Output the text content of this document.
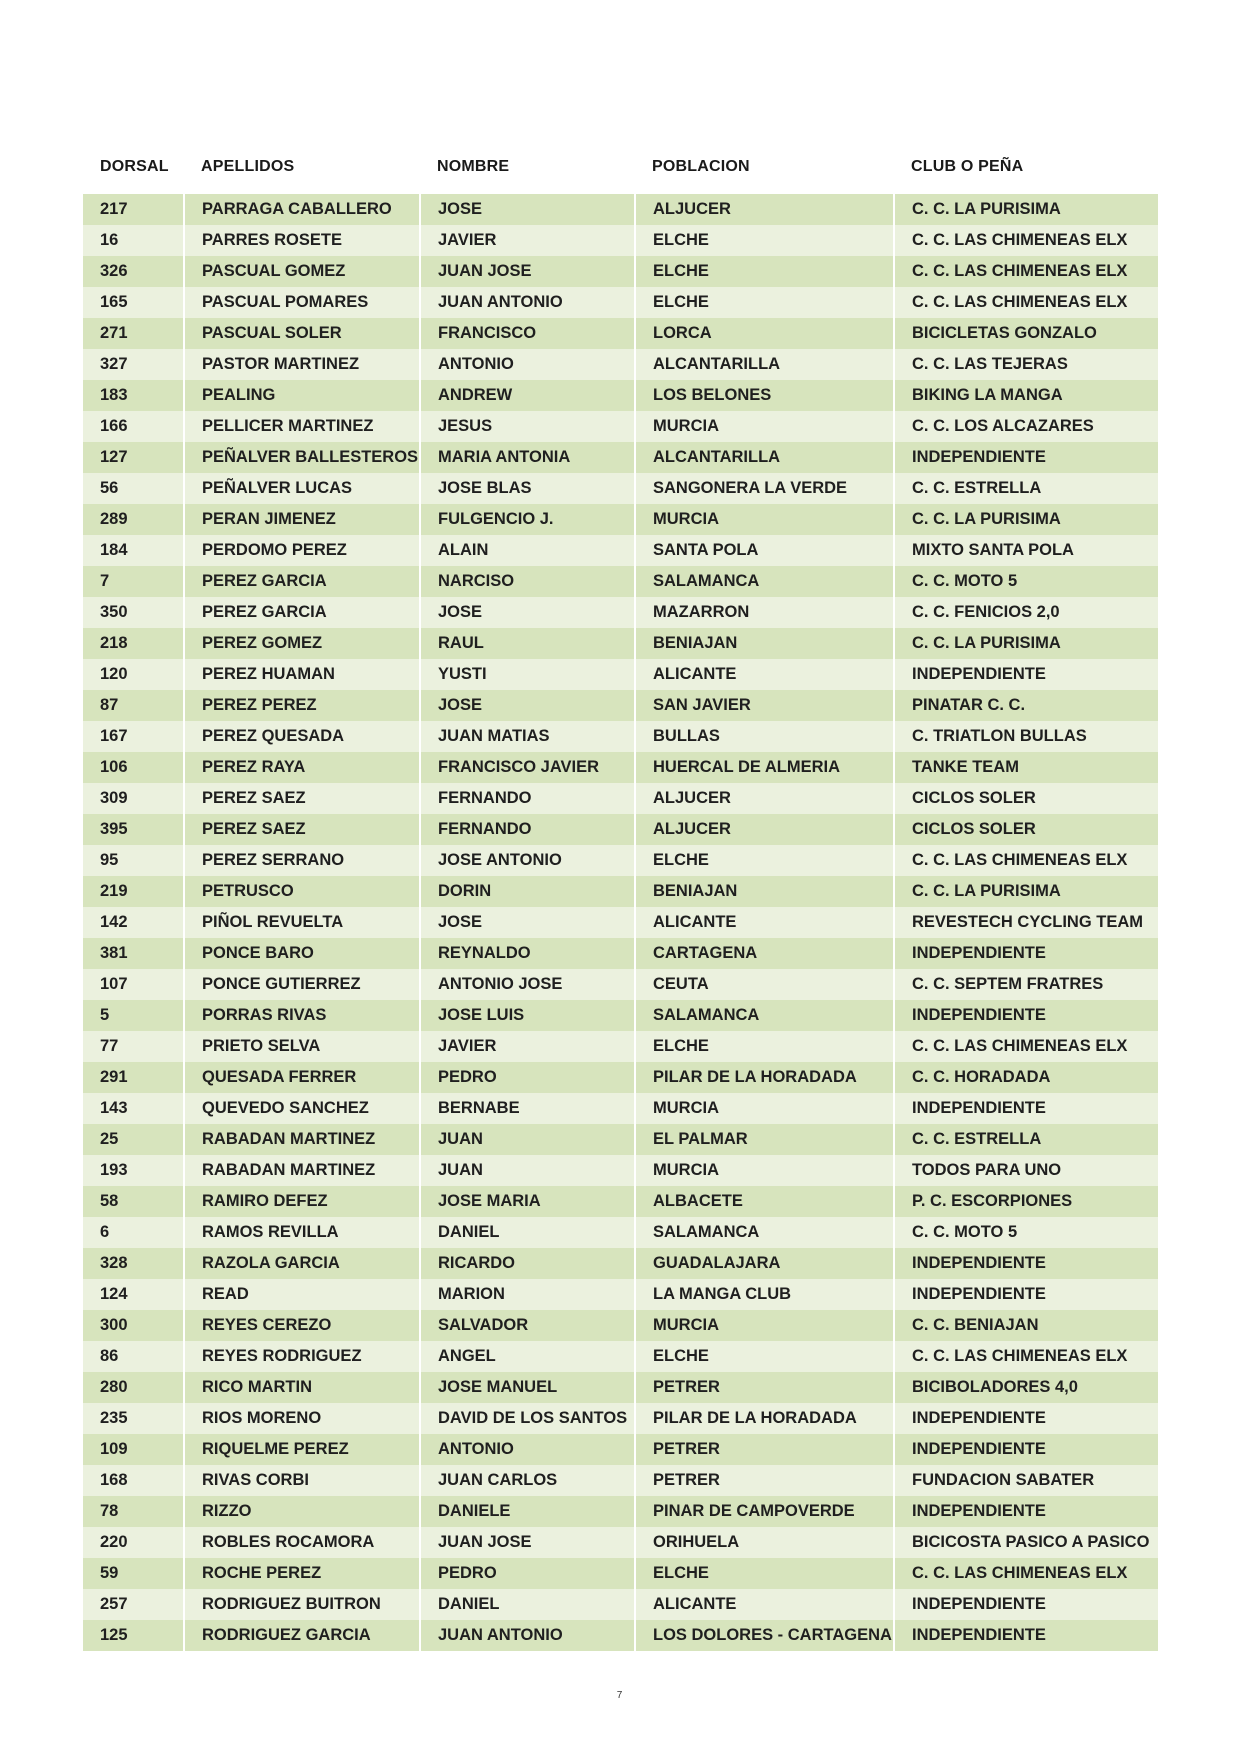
DORSAL	APELLIDOS	NOMBRE	POBLACION	CLUB O PEÑA

217	PARRAGA CABALLERO	JOSE	ALJUCER	C. C. LA PURISIMA
16	PARRES ROSETE	JAVIER	ELCHE	C. C. LAS CHIMENEAS ELX
326	PASCUAL GOMEZ	JUAN JOSE	ELCHE	C. C. LAS CHIMENEAS ELX
165	PASCUAL POMARES	JUAN ANTONIO	ELCHE	C. C. LAS CHIMENEAS ELX
271	PASCUAL SOLER	FRANCISCO	LORCA	BICICLETAS GONZALO
327	PASTOR MARTINEZ	ANTONIO	ALCANTARILLA	C. C. LAS TEJERAS
183	PEALING	ANDREW	LOS BELONES	BIKING LA MANGA
166	PELLICER MARTINEZ	JESUS	MURCIA	C. C. LOS ALCAZARES
127	PEÑALVER BALLESTEROS	MARIA ANTONIA	ALCANTARILLA	INDEPENDIENTE
56	PEÑALVER LUCAS	JOSE BLAS	SANGONERA LA VERDE	C. C. ESTRELLA
289	PERAN JIMENEZ	FULGENCIO J.	MURCIA	C. C. LA PURISIMA
184	PERDOMO PEREZ	ALAIN	SANTA POLA	MIXTO SANTA POLA
7	PEREZ GARCIA	NARCISO	SALAMANCA	C. C. MOTO 5
350	PEREZ GARCIA	JOSE	MAZARRON	C. C. FENICIOS 2,0
218	PEREZ GOMEZ	RAUL	BENIAJAN	C. C. LA PURISIMA
120	PEREZ HUAMAN	YUSTI	ALICANTE	INDEPENDIENTE
87	PEREZ PEREZ	JOSE	SAN JAVIER	PINATAR C. C.
167	PEREZ QUESADA	JUAN MATIAS	BULLAS	C. TRIATLON BULLAS
106	PEREZ RAYA	FRANCISCO JAVIER	HUERCAL DE ALMERIA	TANKE TEAM
309	PEREZ SAEZ	FERNANDO	ALJUCER	CICLOS SOLER
395	PEREZ SAEZ	FERNANDO	ALJUCER	CICLOS SOLER
95	PEREZ SERRANO	JOSE ANTONIO	ELCHE	C. C. LAS CHIMENEAS ELX
219	PETRUSCO	DORIN	BENIAJAN	C. C. LA PURISIMA
142	PIÑOL REVUELTA	JOSE	ALICANTE	REVESTECH CYCLING TEAM
381	PONCE BARO	REYNALDO	CARTAGENA	INDEPENDIENTE
107	PONCE GUTIERREZ	ANTONIO JOSE	CEUTA	C. C. SEPTEM FRATRES
5	PORRAS RIVAS	JOSE LUIS	SALAMANCA	INDEPENDIENTE
77	PRIETO SELVA	JAVIER	ELCHE	C. C. LAS CHIMENEAS ELX
291	QUESADA FERRER	PEDRO	PILAR DE LA HORADADA	C. C. HORADADA
143	QUEVEDO SANCHEZ	BERNABE	MURCIA	INDEPENDIENTE
25	RABADAN MARTINEZ	JUAN	EL PALMAR	C. C. ESTRELLA
193	RABADAN MARTINEZ	JUAN	MURCIA	TODOS PARA UNO
58	RAMIRO DEFEZ	JOSE MARIA	ALBACETE	P. C. ESCORPIONES
6	RAMOS REVILLA	DANIEL	SALAMANCA	C. C. MOTO 5
328	RAZOLA GARCIA	RICARDO	GUADALAJARA	INDEPENDIENTE
124	READ	MARION	LA MANGA CLUB	INDEPENDIENTE
300	REYES CEREZO	SALVADOR	MURCIA	C. C. BENIAJAN
86	REYES RODRIGUEZ	ANGEL	ELCHE	C. C. LAS CHIMENEAS ELX
280	RICO MARTIN	JOSE MANUEL	PETRER	BICIBOLADORES 4,0
235	RIOS MORENO	DAVID DE LOS SANTOS	PILAR DE LA HORADADA	INDEPENDIENTE
109	RIQUELME PEREZ	ANTONIO	PETRER	INDEPENDIENTE
168	RIVAS CORBI	JUAN CARLOS	PETRER	FUNDACION SABATER
78	RIZZO	DANIELE	PINAR DE CAMPOVERDE	INDEPENDIENTE
220	ROBLES ROCAMORA	JUAN JOSE	ORIHUELA	BICICOSTA PASICO A PASICO
59	ROCHE PEREZ	PEDRO	ELCHE	C. C. LAS CHIMENEAS ELX
257	RODRIGUEZ BUITRON	DANIEL	ALICANTE	INDEPENDIENTE
125	RODRIGUEZ GARCIA	JUAN ANTONIO	LOS DOLORES - CARTAGENA	INDEPENDIENTE
7
